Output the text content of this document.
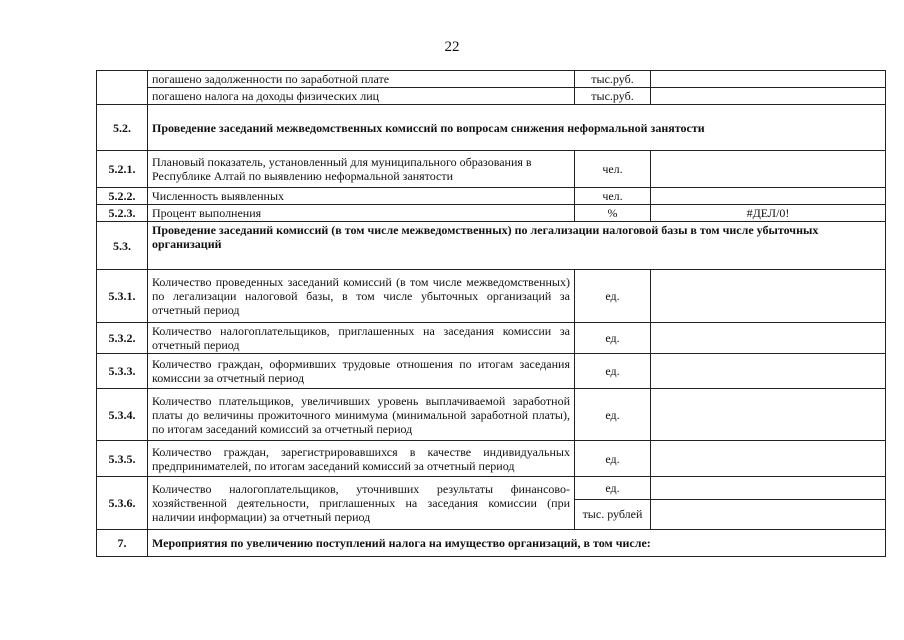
22
	погашено задолженности по заработной плате	тыс.руб.	
	погашено налога на доходы физических лиц	тыс.руб.	
5.2.	Проведение заседаний межведомственных комиссий по вопросам снижения неформальной занятости		
5.2.1.	Плановый показатель, установленный для муниципального образования в Республике Алтай по выявлению неформальной занятости	чел.	
5.2.2.	Численность выявленных	чел.	
5.2.3.	Процент выполнения	%	#ДЕЛ/0!
5.3.	Проведение заседаний комиссий (в том числе межведомственных) по легализации налоговой базы в том числе убыточных организаций		
5.3.1.	Количество проведенных заседаний комиссий (в том числе межведомственных) по легализации налоговой базы, в том числе убыточных организаций за отчетный период	ед.	
5.3.2.	Количество налогоплательщиков, приглашенных на заседания комиссии за отчетный период	ед.	
5.3.3.	Количество граждан, оформивших трудовые отношения по итогам заседания комиссии за отчетный период	ед.	
5.3.4.	Количество плательщиков, увеличивших уровень выплачиваемой заработной платы до величины прожиточного минимума (минимальной заработной платы), по итогам заседаний комиссий за отчетный период	ед.	
5.3.5.	Количество граждан, зарегистрировавшихся в качестве индивидуальных предпринимателей, по итогам заседаний комиссий за отчетный период	ед.	
5.3.6.	Количество налогоплательщиков, уточнивших результаты финансово-хозяйственной деятельности, приглашенных на заседания комиссии (при наличии информации) за отчетный период	ед.	
		тыс. рублей	
7.	Мероприятия по увеличению поступлений налога на имущество организаций, в том числе:		
